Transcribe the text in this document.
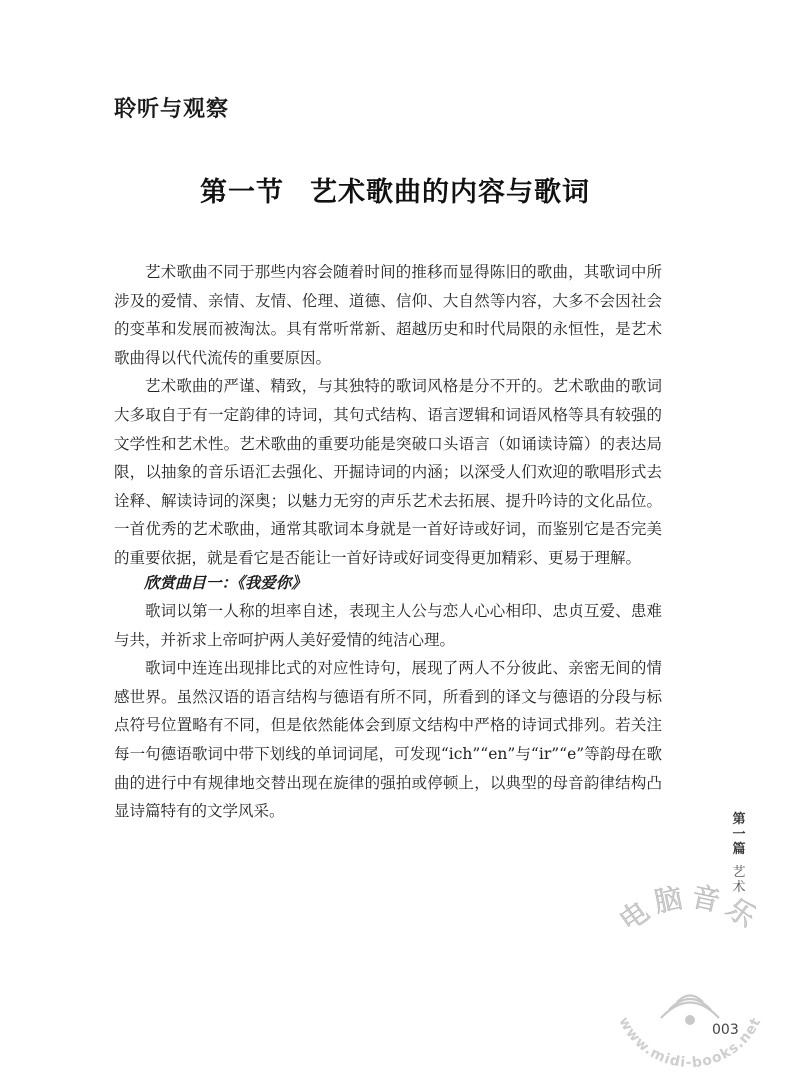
聆听与观察
第一节 艺术歌曲的内容与歌词

艺术歌曲不同于那些内容会随着时间的推移而显得陈旧的歌曲，其歌词中所涉及的爱情、亲情、友情、伦理、道德、信仰、大自然等内容，大多不会因社会的变革和发展而被淘汰。具有常听常新、超越历史和时代局限的永恒性，是艺术歌曲得以代代流传的重要原因。

艺术歌曲的严谨、精致，与其独特的歌词风格是分不开的。艺术歌曲的歌词大多取自于有一定韵律的诗词，其句式结构、语言逻辑和词语风格等具有较强的文学性和艺术性。艺术歌曲的重要功能是突破口头语言（如诵读诗篇）的表达局限，以抽象的音乐语汇去强化、开掘诗词的内涵；以深受人们欢迎的歌唱形式去诠释、解读诗词的深奥；以魅力无穷的声乐艺术去拓展、提升吟诗的文化品位。一首优秀的艺术歌曲，通常其歌词本身就是一首好诗或好词，而鉴别它是否完美的重要依据，就是看它是否能让一首好诗或好词变得更加精彩、更易于理解。

欣赏曲目一：《我爱你》

歌词以第一人称的坦率自述，表现主人公与恋人心心相印、忠贞互爱、患难与共，并祈求上帝呵护两人美好爱情的纯洁心理。

歌词中连连出现排比式的对应性诗句，展现了两人不分彼此、亲密无间的情感世界。虽然汉语的语言结构与德语有所不同，所看到的译文与德语的分段与标点符号位置略有不同，但是依然能体会到原文结构中严格的诗词式排列。若关注每一句德语歌词中带下划线的单词词尾，可发现“ich”“en”与“ir”“e”等韵母在歌曲的进行中有规律地交替出现在旋律的强拍或停顿上，以典型的母音韵律结构凸显诗篇特有的文学风采。	第一篇
艺术
电脑音乐
www.midi-books.net
003
